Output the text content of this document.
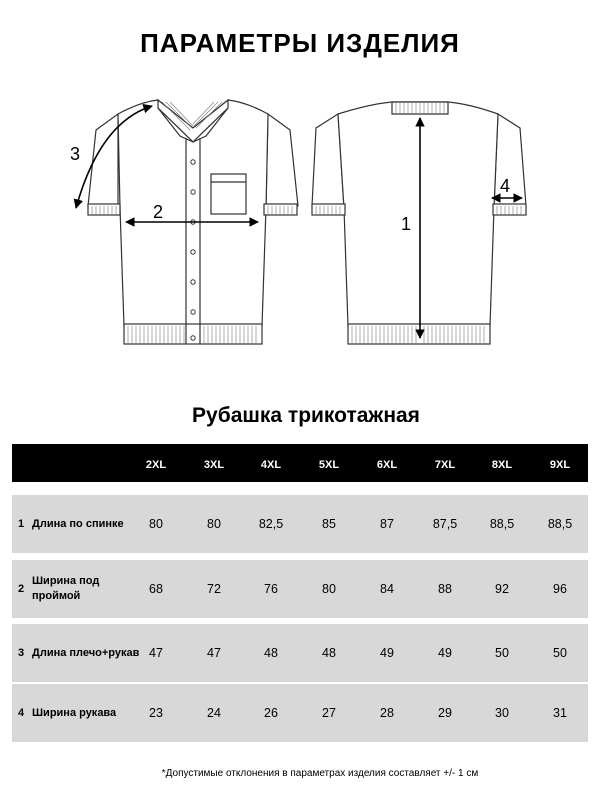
ПАРАМЕТРЫ ИЗДЕЛИЯ
2
3
1
4
Рубашка трикотажная
2XL	3XL	4XL	5XL	6XL	7XL	8XL	9XL
1 Длина по спинке	80	80	82,5	85	87	87,5	88,5	88,5
2
Ширина под проймой	68	72	76	80	84	88	92	96
3 Длина плечо+рукав 47	47	48	48	49	49	50	50
4 Ширина рукава	23	24	26	27	28	29	30	31
*Допустимые отклонения в параметрах изделия составляет +/- 1 см
